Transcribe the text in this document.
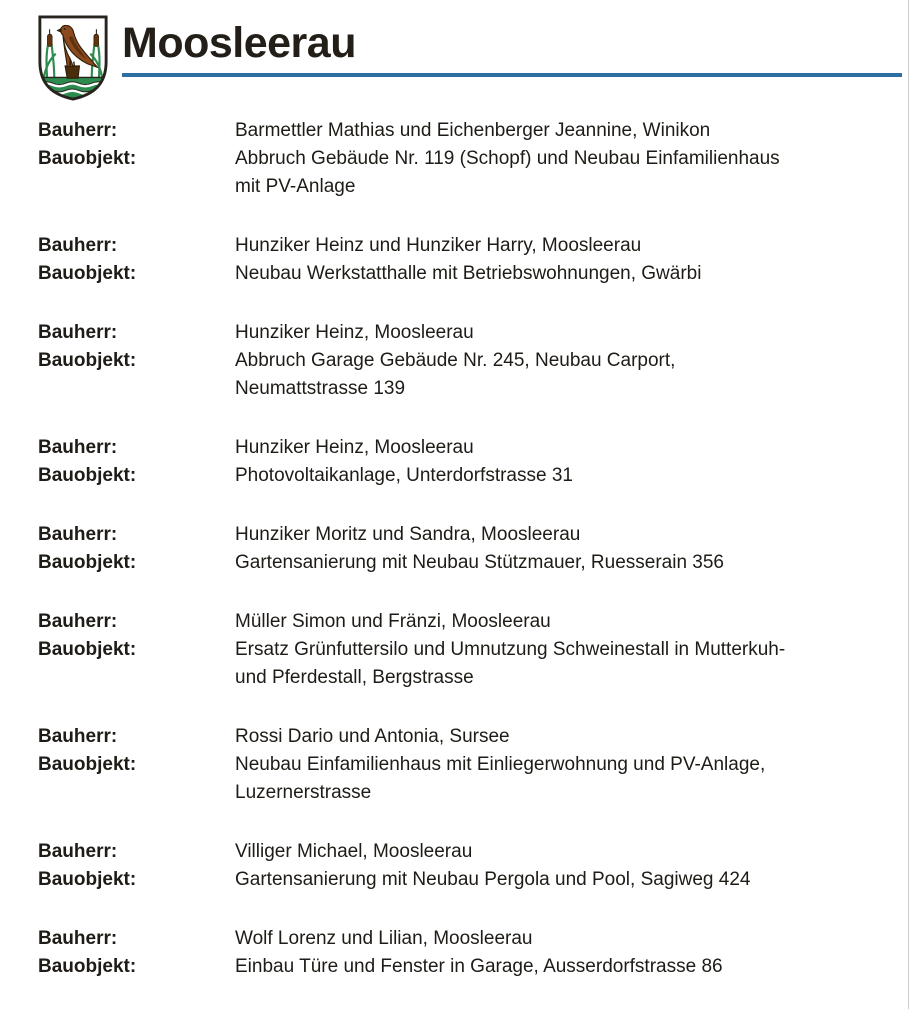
Moosleerau
Bauherr:	Barmettler Mathias und Eichenberger Jeannine, Winikon
Bauobjekt:	Abbruch Gebäude Nr. 119 (Schopf) und Neubau Einfamilienhaus mit PV-Anlage
Bauherr:	Hunziker Heinz und Hunziker Harry, Moosleerau
Bauobjekt:	Neubau Werkstatthalle mit Betriebswohnungen, Gwärbi
Bauherr:	Hunziker Heinz, Moosleerau
Bauobjekt:	Abbruch Garage Gebäude Nr. 245, Neubau Carport, Neumattstrasse 139
Bauherr:	Hunziker Heinz, Moosleerau
Bauobjekt:	Photovoltaikanlage, Unterdorfstrasse 31
Bauherr:	Hunziker Moritz und Sandra, Moosleerau
Bauobjekt:	Gartensanierung mit Neubau Stützmauer, Ruesserain 356
Bauherr:	Müller Simon und Fränzi, Moosleerau
Bauobjekt:	Ersatz Grünfuttersilo und Umnutzung Schweinestall in Mutterkuh- und Pferdestall, Bergstrasse
Bauherr:	Rossi Dario und Antonia, Sursee
Bauobjekt:	Neubau Einfamilienhaus mit Einliegerwohnung und PV-Anlage, Luzernerstrasse
Bauherr:	Villiger Michael, Moosleerau
Bauobjekt:	Gartensanierung mit Neubau Pergola und Pool, Sagiweg 424
Bauherr:	Wolf Lorenz und Lilian, Moosleerau
Bauobjekt:	Einbau Türe und Fenster in Garage, Ausserdorfstrasse 86
